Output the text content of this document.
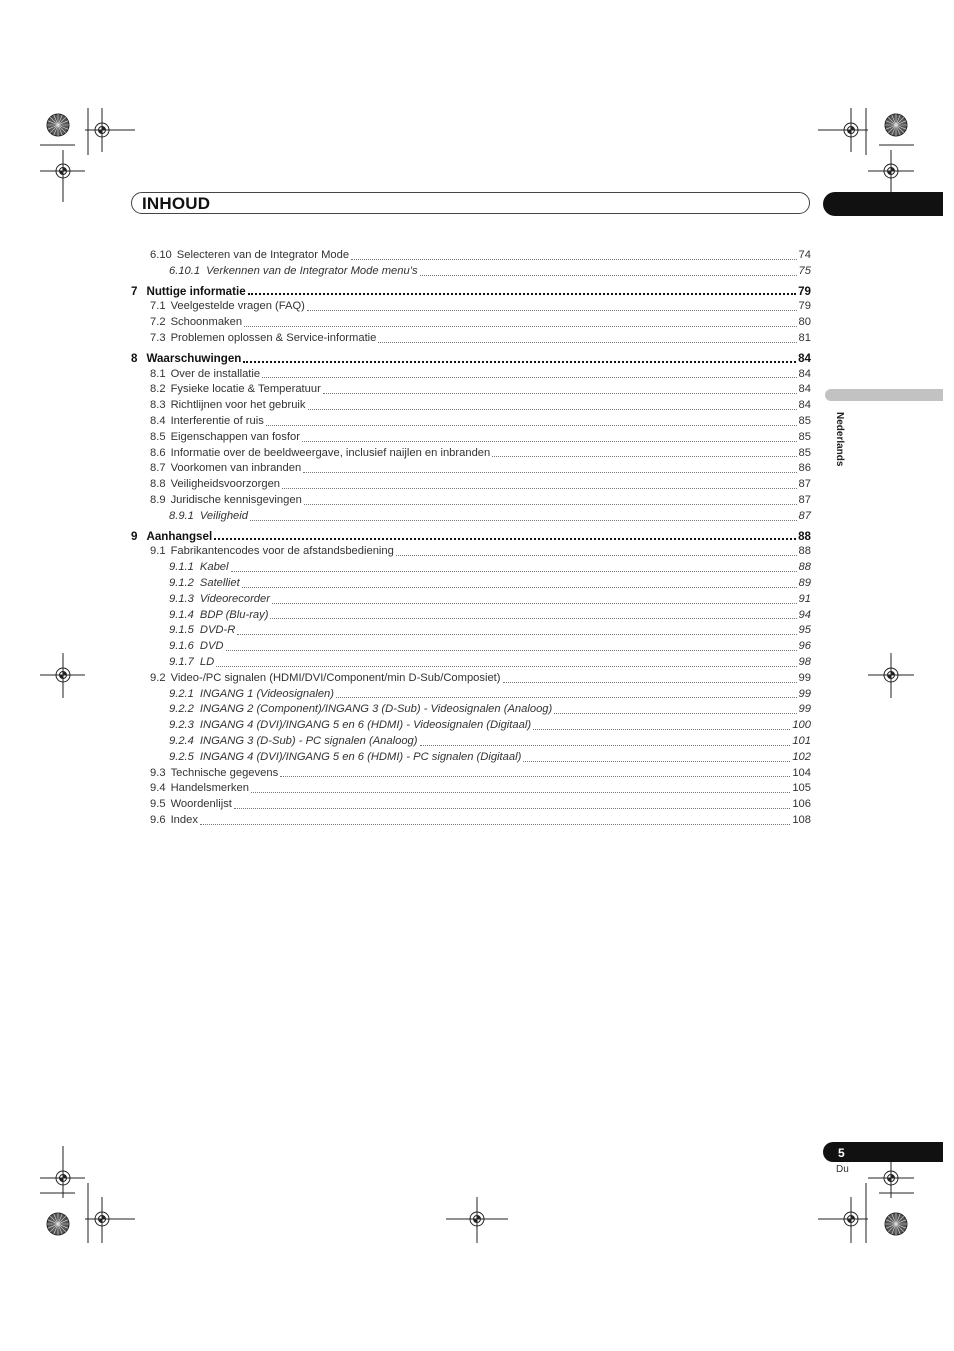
INHOUD
Nederlands
6.10 Selecteren van de Integrator Mode	74
6.10.1 Verkennen van de Integrator Mode menu’s	75
7 Nuttige informatie	79
7.1 Veelgestelde vragen (FAQ)	79
7.2 Schoonmaken	80
7.3 Problemen oplossen & Service-informatie	81
8 Waarschuwingen	84
8.1 Over de installatie	84
8.2 Fysieke locatie & Temperatuur	84
8.3 Richtlijnen voor het gebruik	84
8.4 Interferentie of ruis	85
8.5 Eigenschappen van fosfor	85
8.6 Informatie over de beeldweergave, inclusief naijlen en inbranden	85
8.7 Voorkomen van inbranden	86
8.8 Veiligheidsvoorzorgen	87
8.9 Juridische kennisgevingen	87
8.9.1 Veiligheid	87
9 Aanhangsel	88
9.1 Fabrikantencodes voor de afstandsbediening	88
9.1.1 Kabel	88
9.1.2 Satelliet	89
9.1.3 Videorecorder	91
9.1.4 BDP (Blu-ray)	94
9.1.5 DVD-R	95
9.1.6 DVD	96
9.1.7 LD	98
9.2 Video-/PC signalen (HDMI/DVI/Component/min D-Sub/Composiet)	99
9.2.1 INGANG 1 (Videosignalen)	99
9.2.2 INGANG 2 (Component)/INGANG 3 (D-Sub) - Videosignalen (Analoog)	99
9.2.3 INGANG 4 (DVI)/INGANG 5 en 6 (HDMI) - Videosignalen (Digitaal)	100
9.2.4 INGANG 3 (D-Sub) - PC signalen (Analoog)	101
9.2.5 INGANG 4 (DVI)/INGANG 5 en 6 (HDMI) - PC signalen (Digitaal)	102
9.3 Technische gegevens	104
9.4 Handelsmerken	105
9.5 Woordenlijst	106
9.6 Index	108
5
Du
